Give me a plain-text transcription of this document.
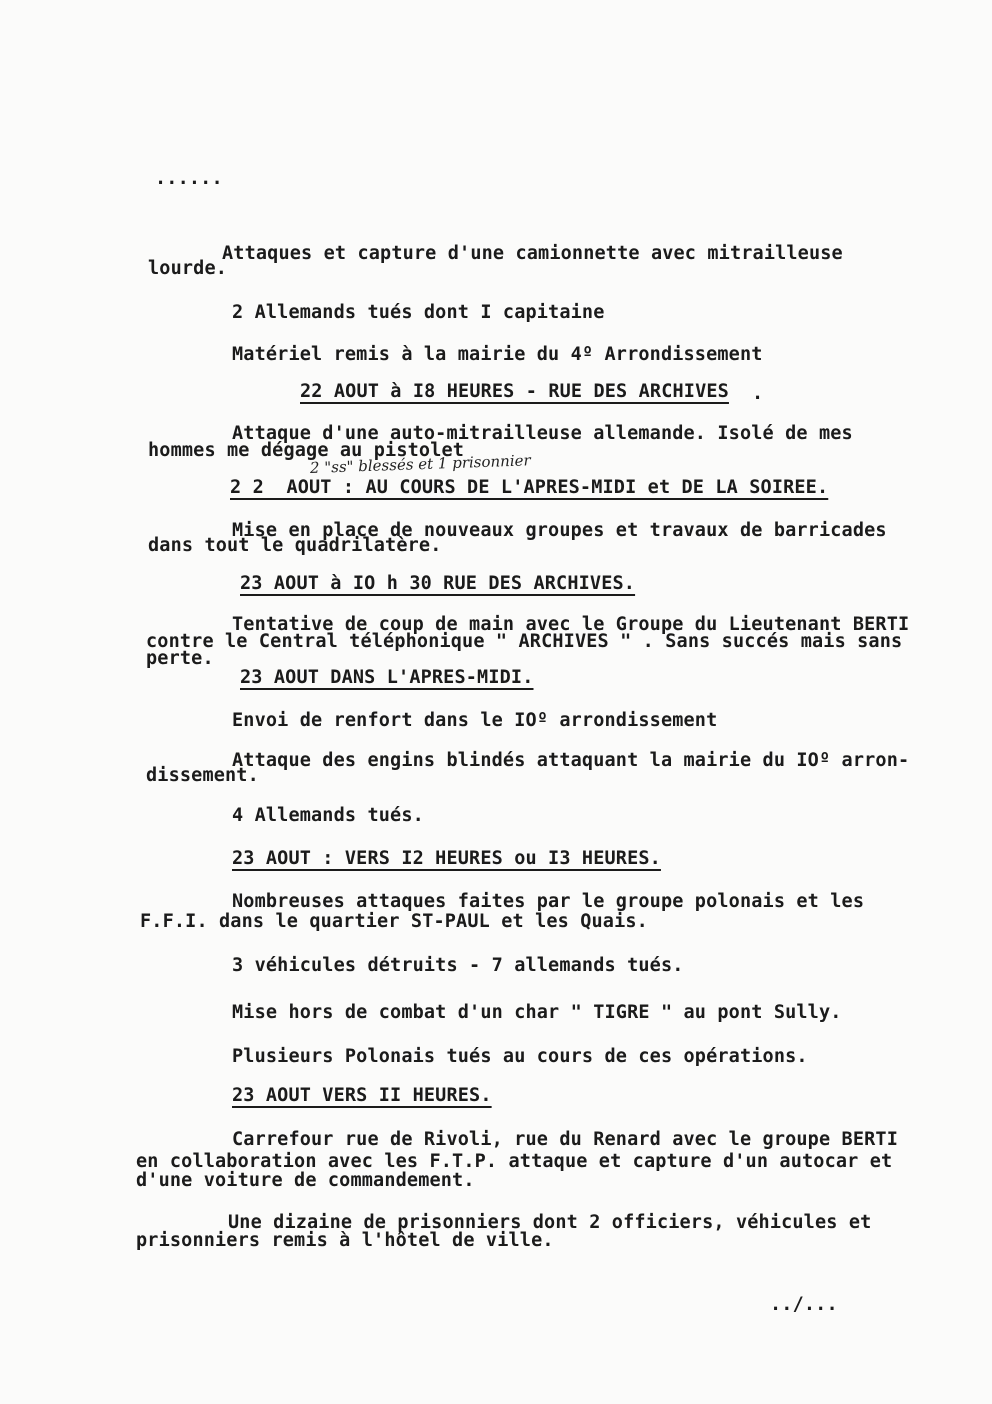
......
Attaques et capture d'une camionnette avec mitrailleuse
lourde.
2 Allemands tués dont I capitaine
Matériel remis à la mairie du 4º Arrondissement
22 AOUT à I8 HEURES - RUE DES ARCHIVES .
Attaque d'une auto-mitrailleuse allemande. Isolé de mes
hommes me dégage au pistolet
2 "ss" blessés et 1 prisonnier
2 2  AOUT : AU COURS DE L'APRES-MIDI et DE LA SOIREE.
Mise en place de nouveaux groupes et travaux de barricades
dans tout le quadrilatère.
23 AOUT à IO h 30 RUE DES ARCHIVES.
Tentative de coup de main avec le Groupe du Lieutenant BERTI
contre le Central téléphonique " ARCHIVES " . Sans succés mais sans
perte.
23 AOUT DANS L'APRES-MIDI.
Envoi de renfort dans le IOº arrondissement
Attaque des engins blindés attaquant la mairie du IOº arron-
dissement.
4 Allemands tués.
23 AOUT : VERS I2 HEURES ou I3 HEURES.
Nombreuses attaques faites par le groupe polonais et les
F.F.I. dans le quartier ST-PAUL et les Quais.
3 véhicules détruits - 7 allemands tués.
Mise hors de combat d'un char " TIGRE " au pont Sully.
Plusieurs Polonais tués au cours de ces opérations.
23 AOUT VERS II HEURES.
Carrefour rue de Rivoli, rue du Renard avec le groupe BERTI
en collaboration avec les F.T.P. attaque et capture d'un autocar et
d'une voiture de commandement.
Une dizaine de prisonniers dont 2 officiers, véhicules et
prisonniers remis à l'hôtel de ville.
../...
